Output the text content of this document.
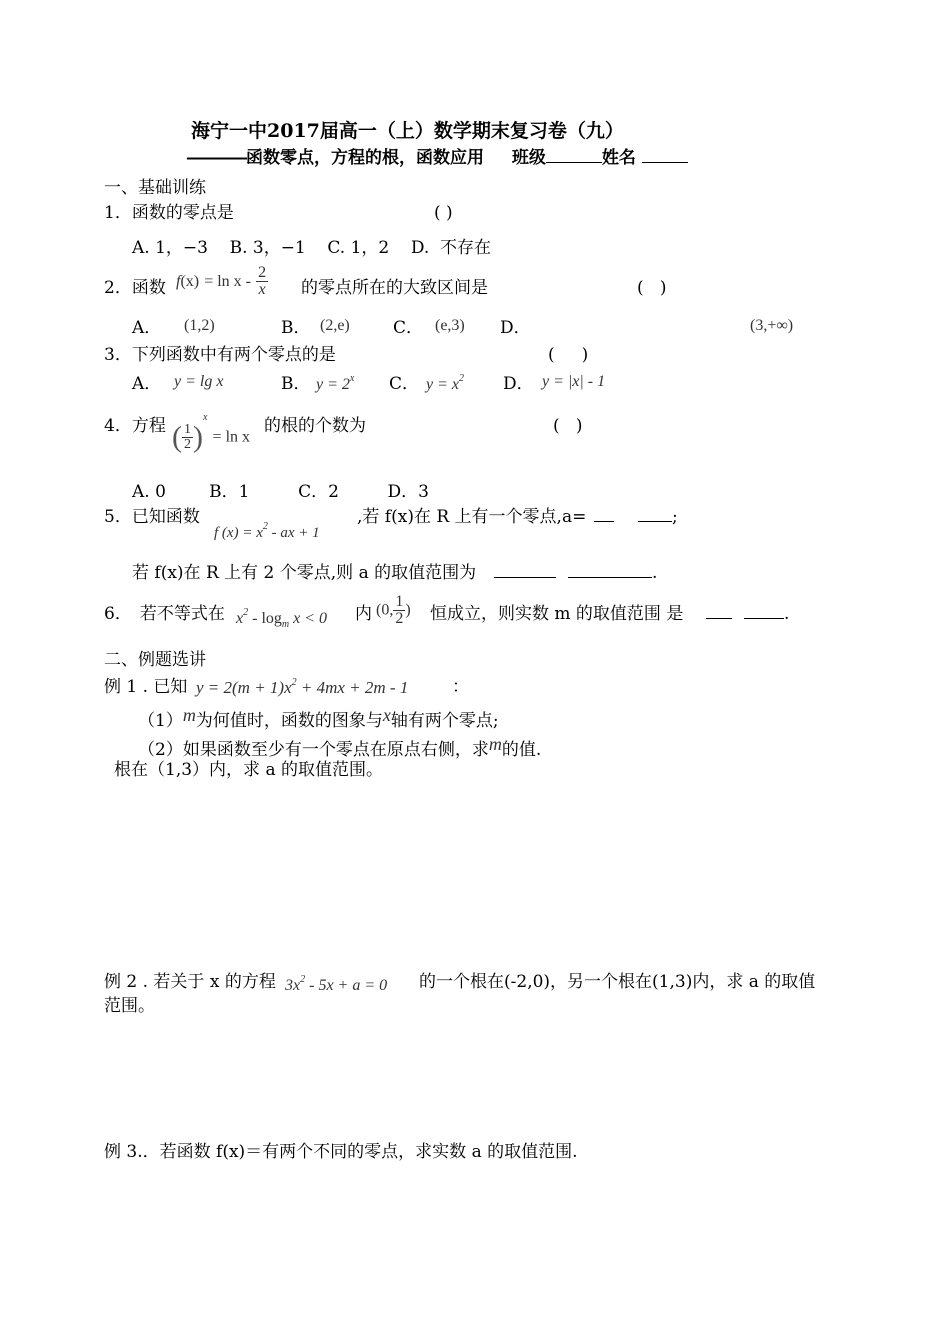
海宁一中2017届高一（上）数学期末复习卷（九）
————函数零点，方程的根，函数应用 班级	姓名
一、基础训练
1．函数的零点是	( )
A. 1，−3    B. 3，−1    C. 1，2    D.  不存在
2．函数 $f(x) = \ln x - \frac{2}{x}$ 的零点所在的大致区间是	(   )
A． (1,2)	B． (2,e)	C． (e,3) D．	(3,+∞)
3．下列函数中有两个零点的是	(     )
A． y = lg x	B． $y = 2^x$ C． $y = x^2$ D． y = |x| - 1
4．方程 ( $\frac{1}{2} )^x = \ln x$
的根的个数为	(   )
A. 0        B．1         C．2         D．3
5．已知函数
f $(x) = x^2$ - ax + 1
,若 f(x)在 R 上有一个零点,a=	;
若 f(x)在 R 上有 2 个零点,则 a 的取值范围为	.
6． 若不等式在 $x^2 - \log_m x < 0$ 内 (0, $\frac{1}{2}$ ) 恒成立，则实数 m 的取值范围 是	.
二、例题选讲
例 1 . 已知 $y = 2(m + 1)x^2 + 4mx + 2m - 1$	：
（1）m为何值时，函数的图象与x轴有两个零点;
（2）如果函数至少有一个零点在原点右侧，求m的值.
根在（1,3）内，求 a 的取值范围。
例 2 . 若关于 x 的方程 $3x^2 - 5x + a = 0$ 的一个根在(-2,0)，另一个根在(1,3)内，求 a 的取值
范围。
例 3.．若函数 f(x)＝有两个不同的零点，求实数 a 的取值范围.
